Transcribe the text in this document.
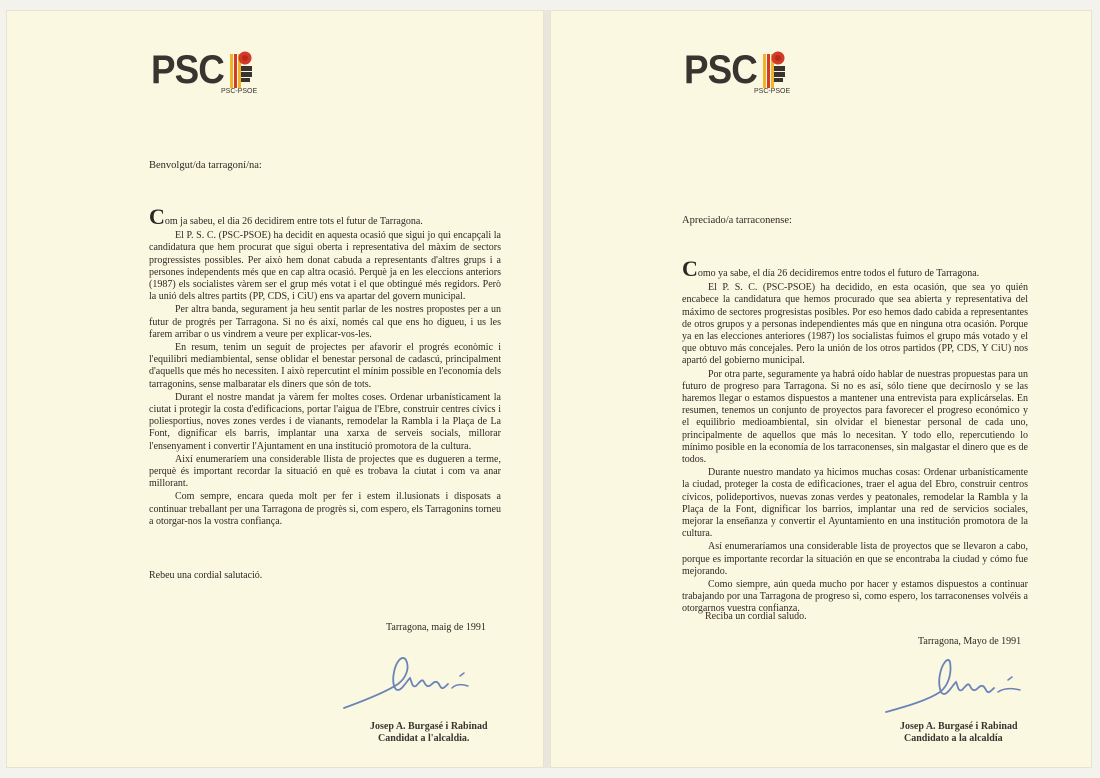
PSC
PSC-PSOE
Benvolgut/da tarragoní/na:

Com ja sabeu, el dia 26 decidirem entre tots el futur de Tarragona.

El P. S. C. (PSC-PSOE) ha decidit en aquesta ocasió que sigui jo qui encapçali la candidatura que hem procurat que sigui oberta i representativa del màxim de sectors progressistes possibles. Per això hem donat cabuda a representants d'altres grups i a persones independents més que en cap altra ocasió. Perquè ja en les eleccions anteriors (1987) els socialistes vàrem ser el grup més votat i el que obtingué més regidors. Però la unió dels altres partits (PP, CDS, i CiU) ens va apartar del govern municipal.

Per altra banda, segurament ja heu sentit parlar de les nostres propostes per a un futur de progrés per Tarragona. Si no és així, només cal que ens ho digueu, i us les farem arribar o us vindrem a veure per explicar-vos-les.

En resum, tenim un seguit de projectes per afavorir el progrés econòmic i l'equilibri mediambiental, sense oblidar el benestar personal de cadascú, principalment d'aquells que més ho necessiten. I això repercutint el mínim possible en l'economia dels tarragonins, sense malbaratar els diners que són de tots.

Durant el nostre mandat ja vàrem fer moltes coses. Ordenar urbanísticament la ciutat i protegir la costa d'edificacions, portar l'aigua de l'Ebre, construir centres cívics i poliesportius, noves zones verdes i de vianants, remodelar la Rambla i la Plaça de La Font, dignificar els barris, implantar una xarxa de serveis socials, millorar l'ensenyament i convertir l'Ajuntament en una institució promotora de la cultura.

Així enumeraríem una considerable llista de projectes que es dugueren a terme, perquè és important recordar la situació en què es trobava la ciutat i com va anar millorant.

Com sempre, encara queda molt per fer i estem il.lusionats i disposats a continuar treballant per una Tarragona de progrès si, com espero, els Tarragonins torneu a otorgar-nos la vostra confiança.

Rebeu una cordial salutació.
Tarragona, maig de 1991
Josep A. Burgasé i Rabinad
Candidat a l'alcaldia.
PSC
PSC-PSOE
Apreciado/a tarraconense:

Como ya sabe, el día 26 decidiremos entre todos el futuro de Tarragona.

El P. S. C. (PSC-PSOE) ha decidido, en esta ocasión, que sea yo quién encabece la candidatura que hemos procurado que sea abierta y representativa del máximo de sectores progresistas posibles. Por eso hemos dado cabida a representantes de otros grupos y a personas independientes más que en ninguna otra ocasión. Porque ya en las elecciones anteriores (1987) los socialistas fuimos el grupo más votado y el que obtuvo más concejales. Pero la unión de los otros partidos (PP, CDS, Y CiU) nos apartó del gobierno municipal.

Por otra parte, seguramente ya habrá oído hablar de nuestras propuestas para un futuro de progreso para Tarragona. Si no es así, sólo tiene que decírnoslo y se las haremos llegar o estamos dispuestos a mantener una entrevista para explicárselas. En resumen, tenemos un conjunto de proyectos para favorecer el progreso económico y el equilibrio medioambiental, sin olvidar el bienestar personal de cada uno, principalmente de aquellos que más lo necesitan. Y todo ello, repercutiendo lo mínimo posible en la economía de los tarraconenses, sin malgastar el dinero que es de todos.

Durante nuestro mandato ya hicimos muchas cosas: Ordenar urbanísticamente la ciudad, proteger la costa de edificaciones, traer el agua del Ebro, construir centros cívicos, polideportivos, nuevas zonas verdes y peatonales, remodelar la Rambla y la Plaça de la Font, dignificar los barrios, implantar una red de servicios sociales, mejorar la enseñanza y convertir el Ayuntamiento en una institución promotora de la cultura.

Así enumeraríamos una considerable lista de proyectos que se llevaron a cabo, porque es importante recordar la situación en que se encontraba la ciudad y cómo fue mejorando.

Como siempre, aún queda mucho por hacer y estamos dispuestos a continuar trabajando por una Tarragona de progreso si, como espero, los tarraconenses volvéis a otorgarnos vuestra confianza.

Reciba un cordial saludo.
Tarragona, Mayo de 1991
Josep A. Burgasé i Rabinad
Candidato a la alcaldía
